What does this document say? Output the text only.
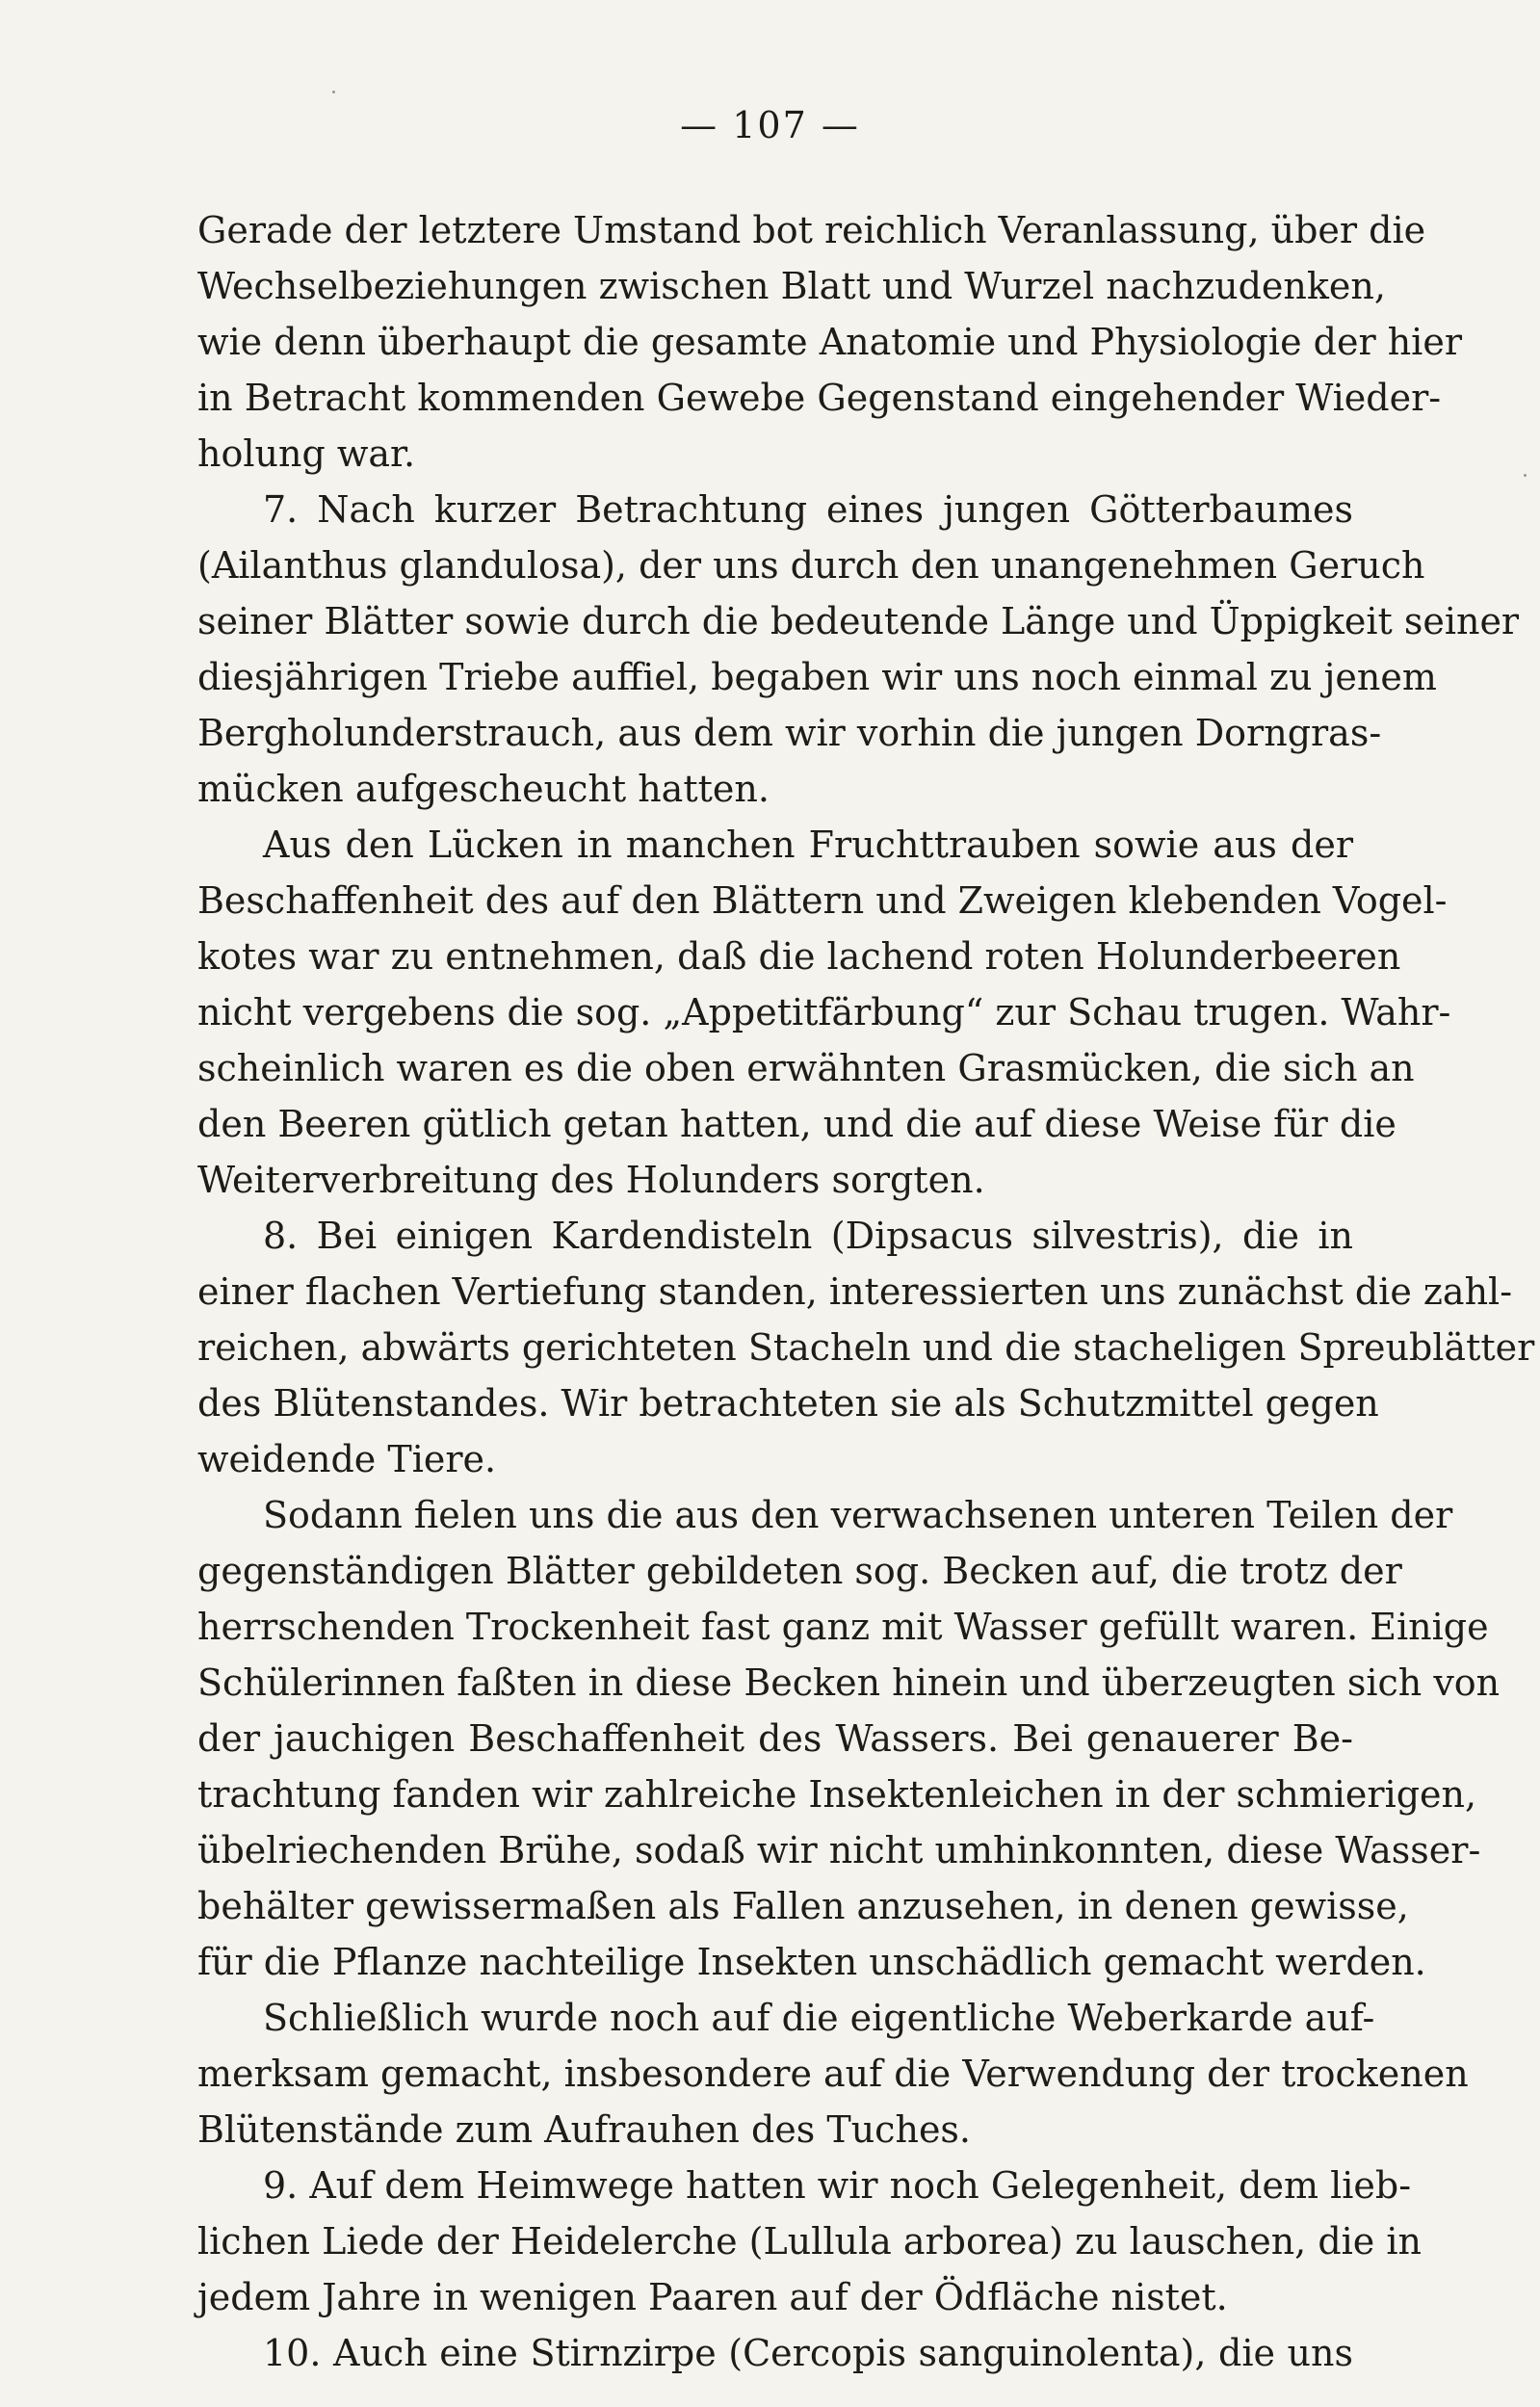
— 107 —
Gerade der letztere Umstand bot reichlich Veranlassung, über die
Wechselbeziehungen zwischen Blatt und Wurzel nachzudenken,
wie denn überhaupt die gesamte Anatomie und Physiologie der hier
in Betracht kommenden Gewebe Gegenstand eingehender Wieder-
holung war.
7. Nach kurzer Betrachtung eines jungen Götterbaumes
(Ailanthus glandulosa), der uns durch den unangenehmen Geruch
seiner Blätter sowie durch die bedeutende Länge und Üppigkeit seiner
diesjährigen Triebe auffiel, begaben wir uns noch einmal zu jenem
Bergholunderstrauch, aus dem wir vorhin die jungen Dorngras-
mücken aufgescheucht hatten.
Aus den Lücken in manchen Fruchttrauben sowie aus der
Beschaffenheit des auf den Blättern und Zweigen klebenden Vogel-
kotes war zu entnehmen, daß die lachend roten Holunderbeeren
nicht vergebens die sog. „Appetitfärbung“ zur Schau trugen. Wahr-
scheinlich waren es die oben erwähnten Grasmücken, die sich an
den Beeren gütlich getan hatten, und die auf diese Weise für die
Weiterverbreitung des Holunders sorgten.
8. Bei einigen Kardendisteln (Dipsacus silvestris), die in
einer flachen Vertiefung standen, interessierten uns zunächst die zahl-
reichen, abwärts gerichteten Stacheln und die stacheligen Spreublätter
des Blütenstandes. Wir betrachteten sie als Schutzmittel gegen
weidende Tiere.
Sodann fielen uns die aus den verwachsenen unteren Teilen der
gegenständigen Blätter gebildeten sog. Becken auf, die trotz der
herrschenden Trockenheit fast ganz mit Wasser gefüllt waren. Einige
Schülerinnen faßten in diese Becken hinein und überzeugten sich von
der jauchigen Beschaffenheit des Wassers. Bei genauerer Be-
trachtung fanden wir zahlreiche Insektenleichen in der schmierigen,
übelriechenden Brühe, sodaß wir nicht umhinkonnten, diese Wasser-
behälter gewissermaßen als Fallen anzusehen, in denen gewisse,
für die Pflanze nachteilige Insekten unschädlich gemacht werden.
Schließlich wurde noch auf die eigentliche Weberkarde auf-
merksam gemacht, insbesondere auf die Verwendung der trockenen
Blütenstände zum Aufrauhen des Tuches.
9. Auf dem Heimwege hatten wir noch Gelegenheit, dem lieb-
lichen Liede der Heidelerche (Lullula arborea) zu lauschen, die in
jedem Jahre in wenigen Paaren auf der Ödfläche nistet.
10. Auch eine Stirnzirpe (Cercopis sanguinolenta), die uns
